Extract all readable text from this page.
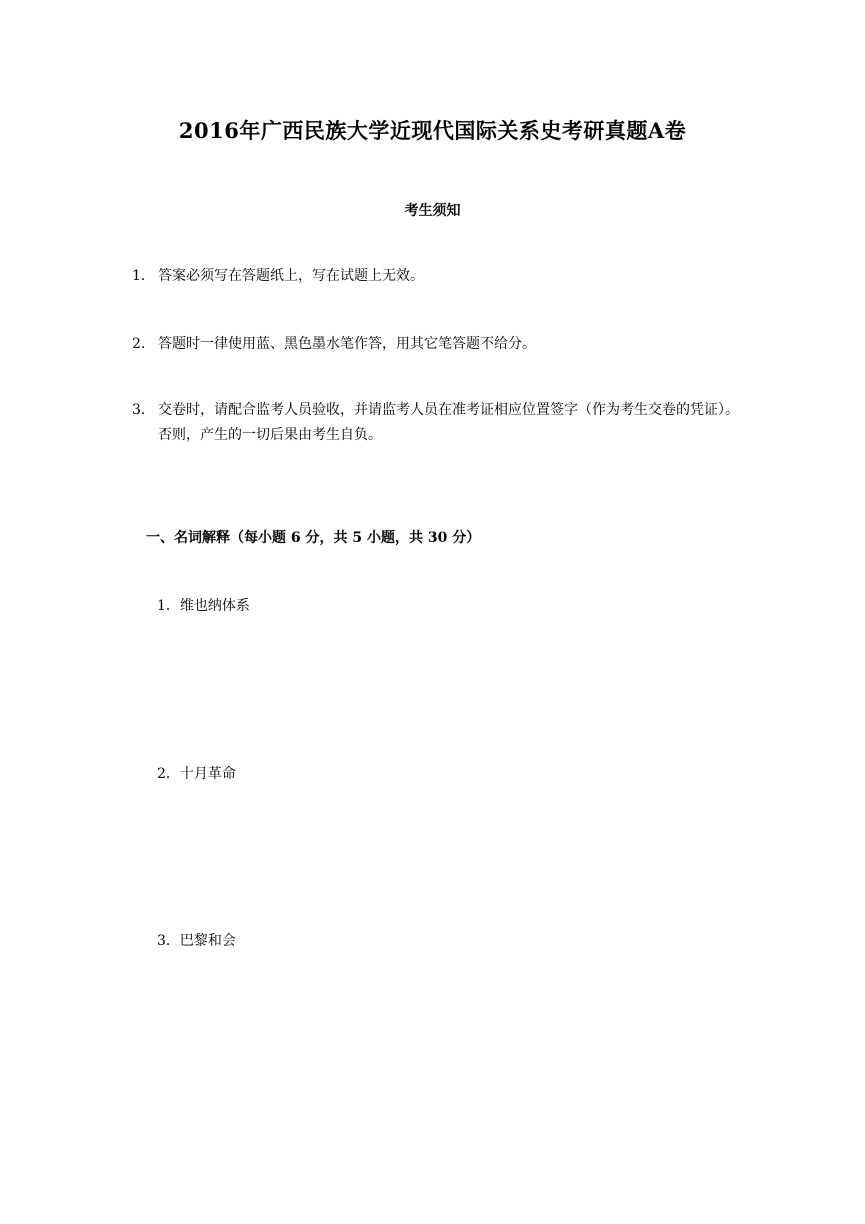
2016年广西民族大学近现代国际关系史考研真题A卷
考生须知
1. 答案必须写在答题纸上，写在试题上无效。
2. 答题时一律使用蓝、黑色墨水笔作答，用其它笔答题不给分。
3. 交卷时，请配合监考人员验收，并请监考人员在准考证相应位置签字（作为考生交卷的凭证）。否则，产生的一切后果由考生自负。
一、名词解释（每小题 6 分，共 5 小题，共 30 分）
1．维也纳体系
2．十月革命
3．巴黎和会
